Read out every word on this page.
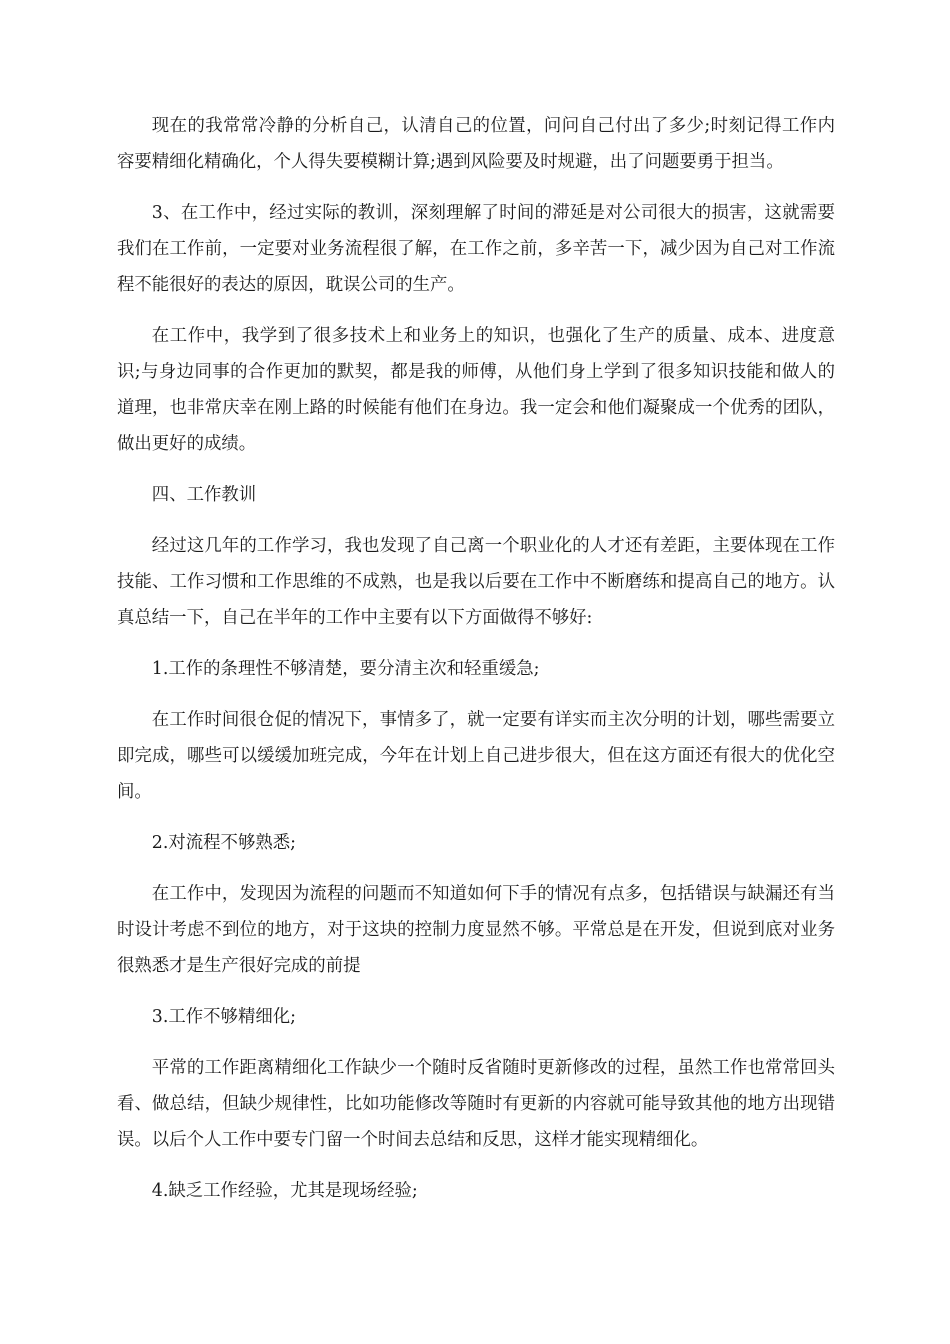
现在的我常常冷静的分析自己，认清自己的位置，问问自己付出了多少;时刻记得工作内容要精细化精确化，个人得失要模糊计算;遇到风险要及时规避，出了问题要勇于担当。

3、在工作中，经过实际的教训，深刻理解了时间的滞延是对公司很大的损害，这就需要我们在工作前，一定要对业务流程很了解，在工作之前，多辛苦一下，减少因为自己对工作流程不能很好的表达的原因，耽误公司的生产。

在工作中，我学到了很多技术上和业务上的知识，也强化了生产的质量、成本、进度意识;与身边同事的合作更加的默契，都是我的师傅，从他们身上学到了很多知识技能和做人的道理，也非常庆幸在刚上路的时候能有他们在身边。我一定会和他们凝聚成一个优秀的团队，做出更好的成绩。

四、工作教训

经过这几年的工作学习，我也发现了自己离一个职业化的人才还有差距，主要体现在工作技能、工作习惯和工作思维的不成熟，也是我以后要在工作中不断磨练和提高自己的地方。认真总结一下，自己在半年的工作中主要有以下方面做得不够好:

1.工作的条理性不够清楚，要分清主次和轻重缓急;

在工作时间很仓促的情况下，事情多了，就一定要有详实而主次分明的计划，哪些需要立即完成，哪些可以缓缓加班完成，今年在计划上自己进步很大，但在这方面还有很大的优化空间。

2.对流程不够熟悉;

在工作中，发现因为流程的问题而不知道如何下手的情况有点多，包括错误与缺漏还有当时设计考虑不到位的地方，对于这块的控制力度显然不够。平常总是在开发，但说到底对业务很熟悉才是生产很好完成的前提

3.工作不够精细化;

平常的工作距离精细化工作缺少一个随时反省随时更新修改的过程，虽然工作也常常回头看、做总结，但缺少规律性，比如功能修改等随时有更新的内容就可能导致其他的地方出现错误。以后个人工作中要专门留一个时间去总结和反思，这样才能实现精细化。

4.缺乏工作经验，尤其是现场经验;
